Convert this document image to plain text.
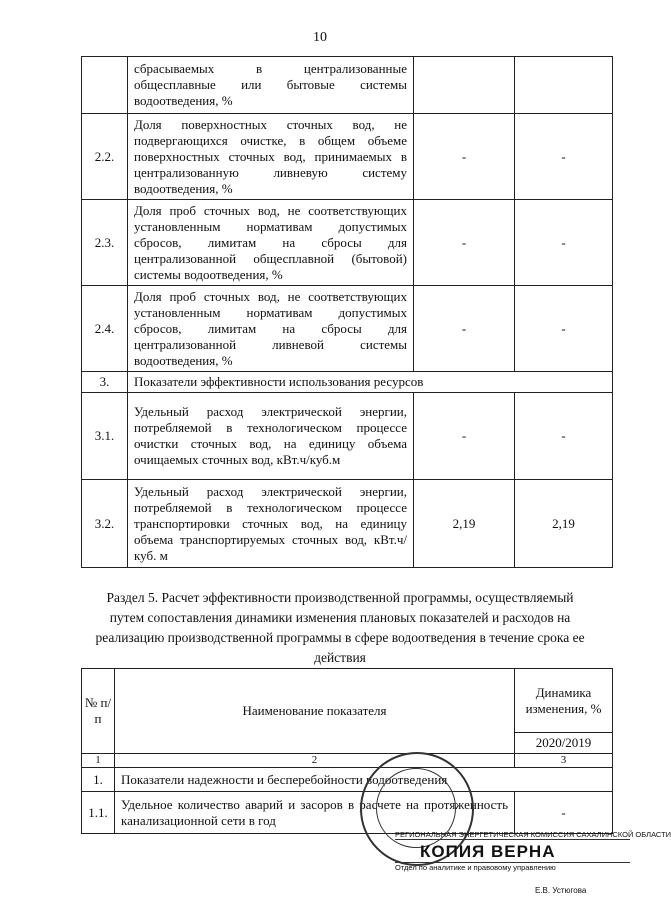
10
	сбрасываемых в централизованные общесплавные или бытовые системы водоотведения, %		
2.2.	Доля поверхностных сточных вод, не подвергающихся очистке, в общем объеме поверхностных сточных вод, принимаемых в централизованную ливневую систему водоотведения, %	-	-
2.3.	Доля проб сточных вод, не соответствующих установленным нормативам допустимых сбросов, лимитам на сбросы для централизованной общесплавной (бытовой) системы водоотведения, %	-	-
2.4.	Доля проб сточных вод, не соответствующих установленным нормативам допустимых сбросов, лимитам на сбросы для централизованной ливневой системы водоотведения, %	-	-
3.	Показатели эффективности использования ресурсов		
3.1.	Удельный расход электрической энергии, потребляемой в технологическом процессе очистки сточных вод, на единицу объема очищаемых сточных вод, кВт.ч/куб.м	-	-
3.2.	Удельный расход электрической энергии, потребляемой в технологическом процессе транспортировки сточных вод, на единицу объема транспортируемых сточных вод, кВт.ч/куб. м	2,19	2,19
Раздел 5. Расчет эффективности производственной программы, осуществляемый путем сопоставления динамики изменения плановых показателей и расходов на реализацию производственной программы в сфере водоотведения в течение срока ее действия
№ п/п	Наименование показателя	Динамика изменения, %
		2020/2019
1	2	3
1.	Показатели надежности и бесперебойности водоотведения	
1.1.	Удельное количество аварий и засоров в расчете на протяженность канализационной сети в год	-
РЕГИОНАЛЬНАЯ ЭНЕРГЕТИЧЕСКАЯ КОМИССИЯ САХАЛИНСКОЙ ОБЛАСТИ
КОПИЯ ВЕРНА
Отдел по аналитике и правовому управлению
Е.В. Устюгова
